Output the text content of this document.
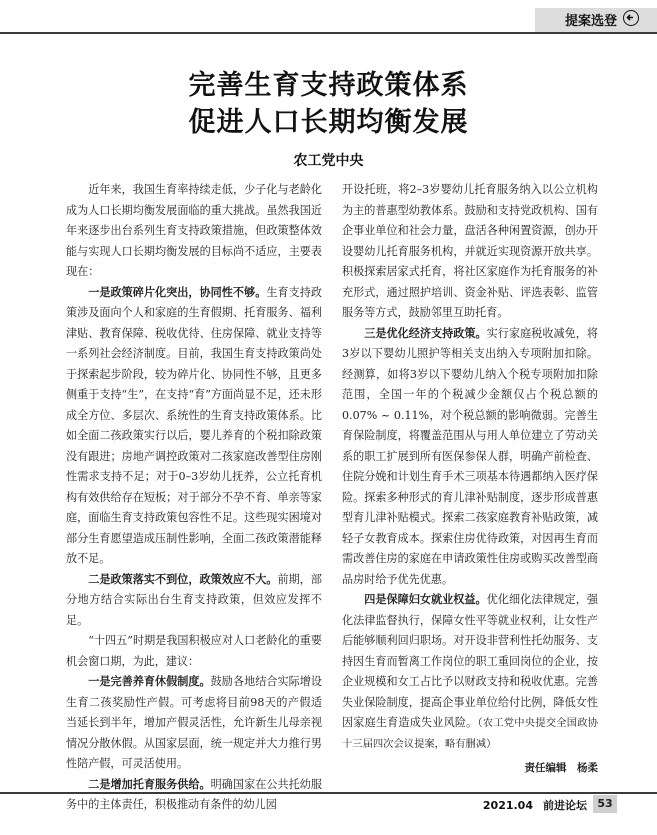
提案选登
完善生育支持政策体系
促进人口长期均衡发展
农工党中央

近年来，我国生育率持续走低，少子化与老龄化成为人口长期均衡发展面临的重大挑战。虽然我国近年来逐步出台系列生育支持政策措施，但政策整体效能与实现人口长期均衡发展的目标尚不适应，主要表现在：

一是政策碎片化突出，协同性不够。生育支持政策涉及面向个人和家庭的生育假期、托育服务、福利津贴、教育保障、税收优待、住房保障、就业支持等一系列社会经济制度。目前，我国生育支持政策尚处于探索起步阶段，较为碎片化、协同性不够，且更多侧重于支持“生”，在支持“育”方面尚显不足，还未形成全方位、多层次、系统性的生育支持政策体系。比如全面二孩政策实行以后，婴儿养育的个税扣除政策没有跟进；房地产调控政策对二孩家庭改善型住房刚性需求支持不足；对于0–3岁幼儿抚养，公立托育机构有效供给存在短板；对于部分不孕不育、单亲等家庭，面临生育支持政策包容性不足。这些现实困境对部分生育愿望造成压制性影响，全面二孩政策潜能释放不足。

二是政策落实不到位，政策效应不大。前期，部分地方结合实际出台生育支持政策，但效应发挥不足。

“十四五”时期是我国积极应对人口老龄化的重要机会窗口期，为此，建议：

一是完善养育休假制度。鼓励各地结合实际增设生育二孩奖励性产假。可考虑将目前98天的产假适当延长到半年，增加产假灵活性，允许新生儿母亲视情况分散休假。从国家层面，统一规定并大力推行男性陪产假，可灵活使用。

二是增加托育服务供给。明确国家在公共托幼服务中的主体责任，积极推动有条件的幼儿园

开设托班，将2–3岁婴幼儿托育服务纳入以公立机构为主的普惠型幼教体系。鼓励和支持党政机构、国有企事业单位和社会力量，盘活各种闲置资源，创办开设婴幼儿托育服务机构，并就近实现资源开放共享。积极探索居家式托育，将社区家庭作为托育服务的补充形式，通过照护培训、资金补贴、评选表彰、监管服务等方式，鼓励邻里互助托育。

三是优化经济支持政策。实行家庭税收减免，将3岁以下婴幼儿照护等相关支出纳入专项附加扣除。经测算，如将3岁以下婴幼儿纳入个税专项附加扣除范围，全国一年的个税减少金额仅占个税总额的0.07% ~ 0.11%，对个税总额的影响微弱。完善生育保险制度，将覆盖范围从与用人单位建立了劳动关系的职工扩展到所有医保参保人群，明确产前检查、住院分娩和计划生育手术三项基本待遇都纳入医疗保险。探索多种形式的育儿津补贴制度，逐步形成普惠型育儿津补贴模式。探索二孩家庭教育补贴政策，减轻子女教育成本。探索住房优待政策，对因再生育而需改善住房的家庭在申请政策性住房或购买改善型商品房时给予优先优惠。

四是保障妇女就业权益。优化细化法律规定，强化法律监督执行，保障女性平等就业权利，让女性产后能够顺利回归职场。对开设非营利性托幼服务、支持因生育而暂离工作岗位的职工重回岗位的企业，按企业规模和女工占比予以财政支持和税收优惠。完善失业保险制度，提高企事业单位给付比例，降低女性因家庭生育造成失业风险。（农工党中央提交全国政协十三届四次会议提案，略有删减）

责任编辑　杨柔
2021.04 前进论坛 53
